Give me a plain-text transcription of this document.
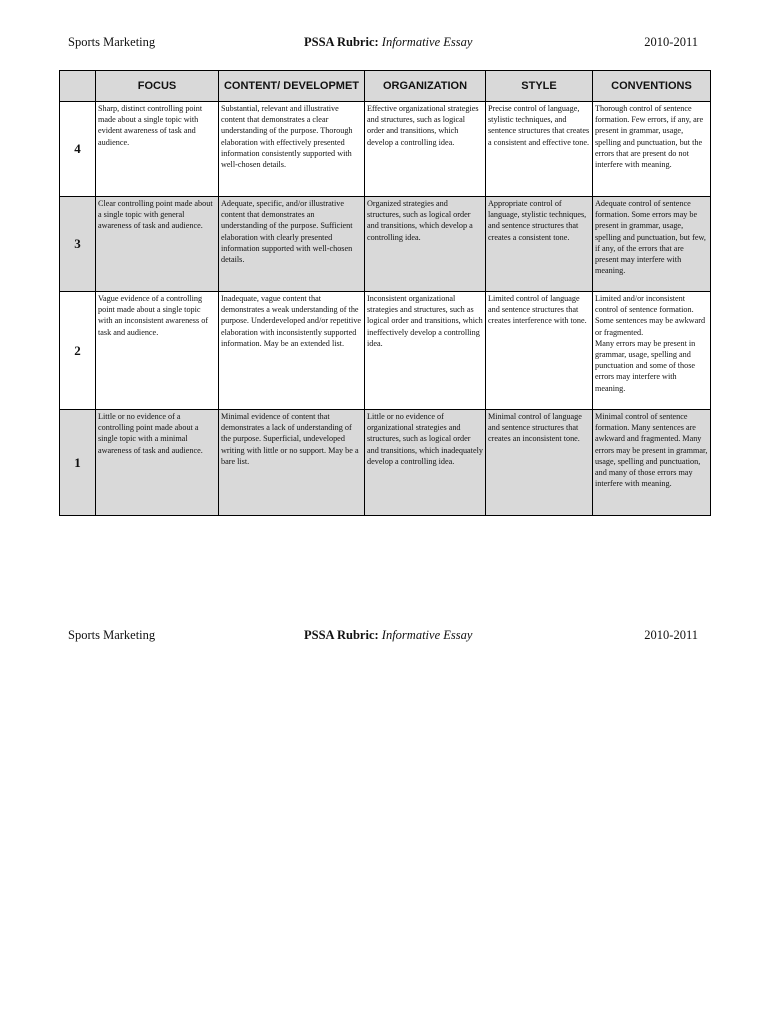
Sports Marketing	PSSA Rubric: Informative Essay	2010-2011
	FOCUS	CONTENT/ DEVELOPMET	ORGANIZATION	STYLE	CONVENTIONS
4	Sharp, distinct controlling point made about a single topic with evident awareness of task and audience.	Substantial, relevant and illustrative content that demonstrates a clear understanding of the purpose. Thorough elaboration with effectively presented information consistently supported with well-chosen details.	Effective organizational strategies and structures, such as logical order and transitions, which develop a controlling idea.	Precise control of language, stylistic techniques, and sentence structures that creates a consistent and effective tone.	Thorough control of sentence formation. Few errors, if any, are present in grammar, usage, spelling and punctuation, but the errors that are present do not interfere with meaning.
3	Clear controlling point made about a single topic with general awareness of task and audience.	Adequate, specific, and/or illustrative content that demonstrates an understanding of the purpose. Sufficient elaboration with clearly presented information supported with well-chosen details.	Organized strategies and structures, such as logical order and transitions, which develop a controlling idea.	Appropriate control of language, stylistic techniques, and sentence structures that creates a consistent tone.	Adequate control of sentence formation. Some errors may be present in grammar, usage, spelling and punctuation, but few, if any, of the errors that are present may interfere with meaning.
2	Vague evidence of a controlling point made about a single topic with an inconsistent awareness of task and audience.	Inadequate, vague content that demonstrates a weak understanding of the purpose. Underdeveloped and/or repetitive elaboration with inconsistently supported information. May be an extended list.	Inconsistent organizational strategies and structures, such as logical order and transitions, which ineffectively develop a controlling idea.	Limited control of language and sentence structures that creates interference with tone.	Limited and/or inconsistent control of sentence formation.
Some sentences may be awkward or fragmented.
Many errors may be present in grammar, usage, spelling and punctuation and some of those errors may interfere with meaning.
1	Little or no evidence of a controlling point made about a single topic with a minimal awareness of task and audience.	Minimal evidence of content that demonstrates a lack of understanding of the purpose. Superficial, undeveloped writing with little or no support. May be a bare list.	Little or no evidence of organizational strategies and structures, such as logical order and transitions, which inadequately develop a controlling idea.	Minimal control of language and sentence structures that creates an inconsistent tone.	Minimal control of sentence formation. Many sentences are awkward and fragmented. Many
errors may be present in grammar, usage, spelling and punctuation, and many of those errors may interfere with meaning.
Sports Marketing	PSSA Rubric: Informative Essay	2010-2011
